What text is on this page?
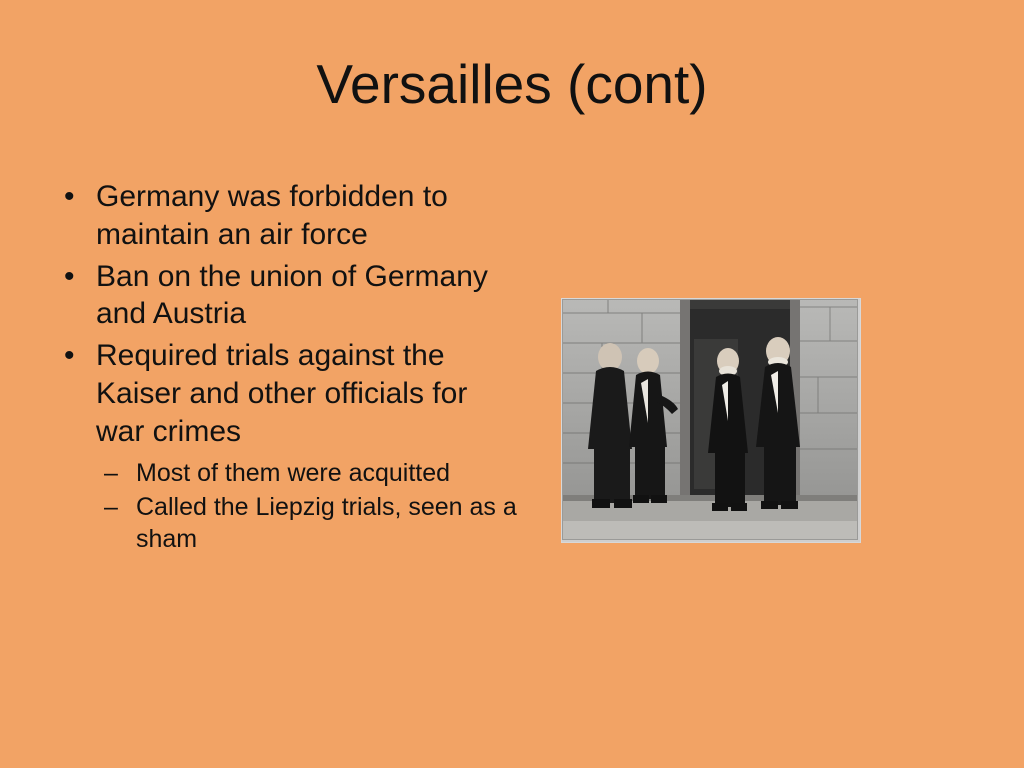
Versailles (cont)
• Germany was forbidden to maintain an air force
• Ban on the union of Germany and Austria
• Required trials against the Kaiser and other officials for war crimes
– Most of them were acquitted
– Called the Liepzig trials, seen as a sham
